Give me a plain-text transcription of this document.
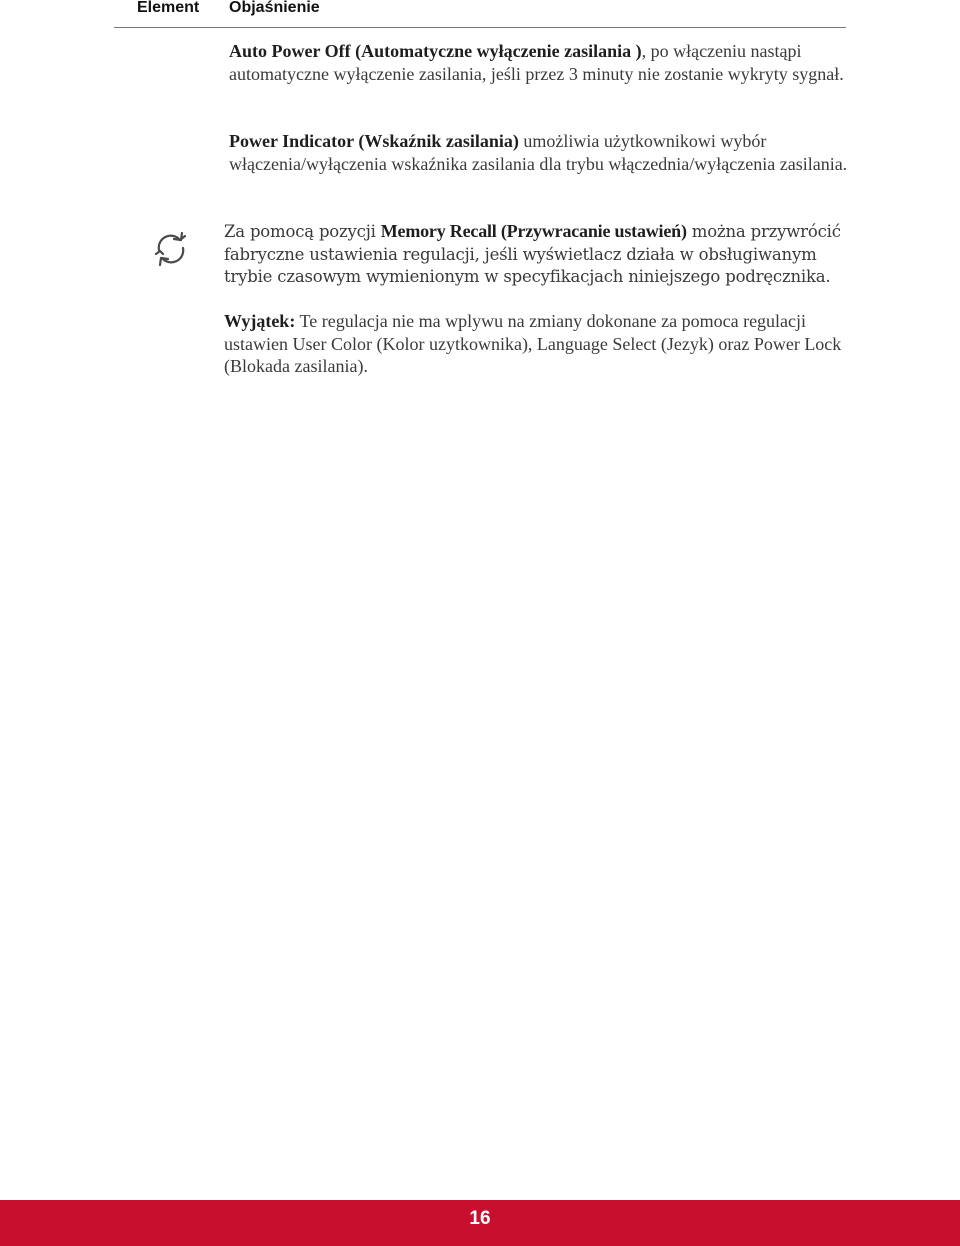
Element Objaśnienie
Auto Power Off (Automatyczne wyłączenie zasilania ), po włączeniu nastąpi automatyczne wyłączenie zasilania, jeśli przez 3 minuty nie zostanie wykryty sygnał.
Power Indicator (Wskaźnik zasilania) umożliwia użytkownikowi wybór włączenia/wyłączenia wskaźnika zasilania dla trybu włączednia/wyłączenia zasilania.
Za pomocą pozycji Memory Recall (Przywracanie ustawień) można przywrócić fabryczne ustawienia regulacji, jeśli wyświetlacz działa w obsługiwanym trybie czasowym wymienionym w specyfikacjach niniejszego podręcznika.
Wyjątek: Te regulacja nie ma wplywu na zmiany dokonane za pomoca regulacji ustawien User Color (Kolor uzytkownika), Language Select (Jezyk) oraz Power Lock (Blokada zasilania).
16
